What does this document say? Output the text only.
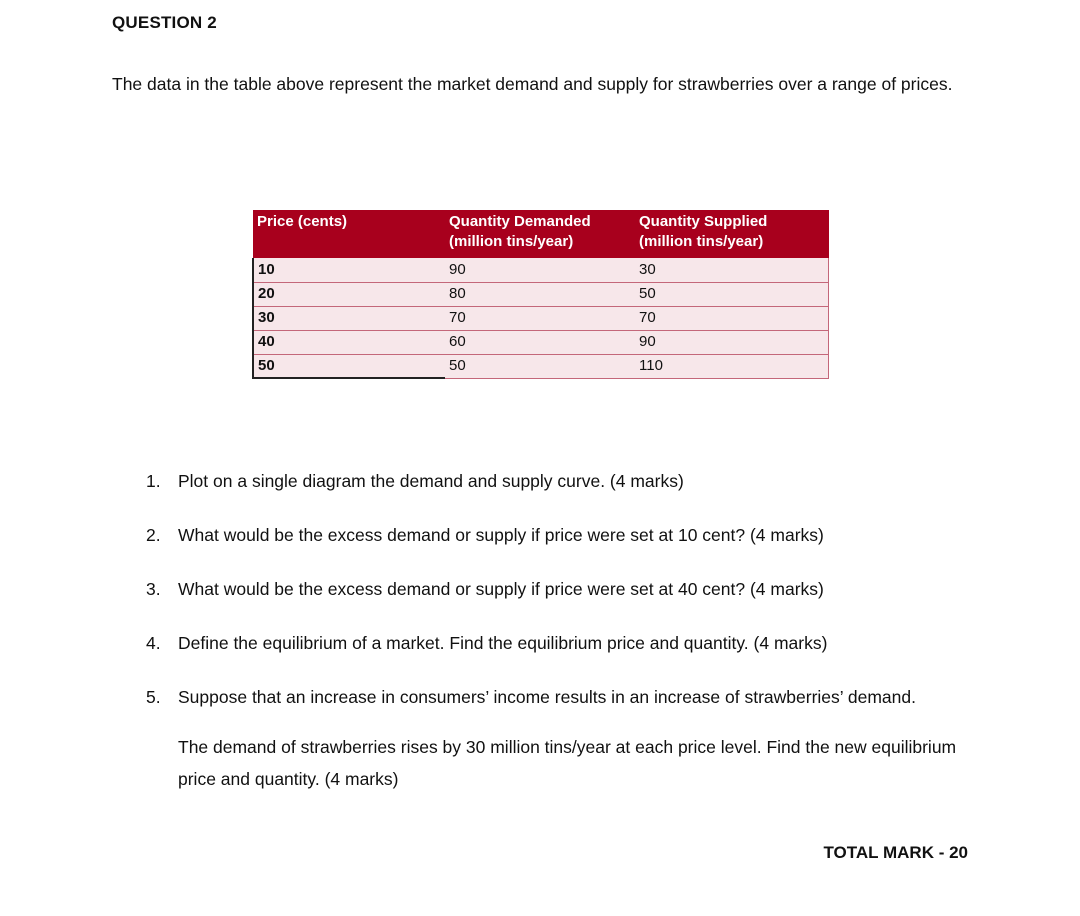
QUESTION 2
The data in the table above represent the market demand and supply for strawberries over a range of prices.
Price (cents)	Quantity Demanded (million tins/year)	Quantity Supplied (million tins/year)
10	90	30
20	80	50
30	70	70
40	60	90
50	50	110
1. Plot on a single diagram the demand and supply curve. (4 marks)
2. What would be the excess demand or supply if price were set at 10 cent? (4 marks)
3. What would be the excess demand or supply if price were set at 40 cent? (4 marks)
4. Define the equilibrium of a market. Find the equilibrium price and quantity. (4 marks)
5. Suppose that an increase in consumers’ income results in an increase of strawberries’ demand.
The demand of strawberries rises by 30 million tins/year at each price level. Find the new equilibrium price and quantity. (4 marks)
TOTAL MARK - 20
